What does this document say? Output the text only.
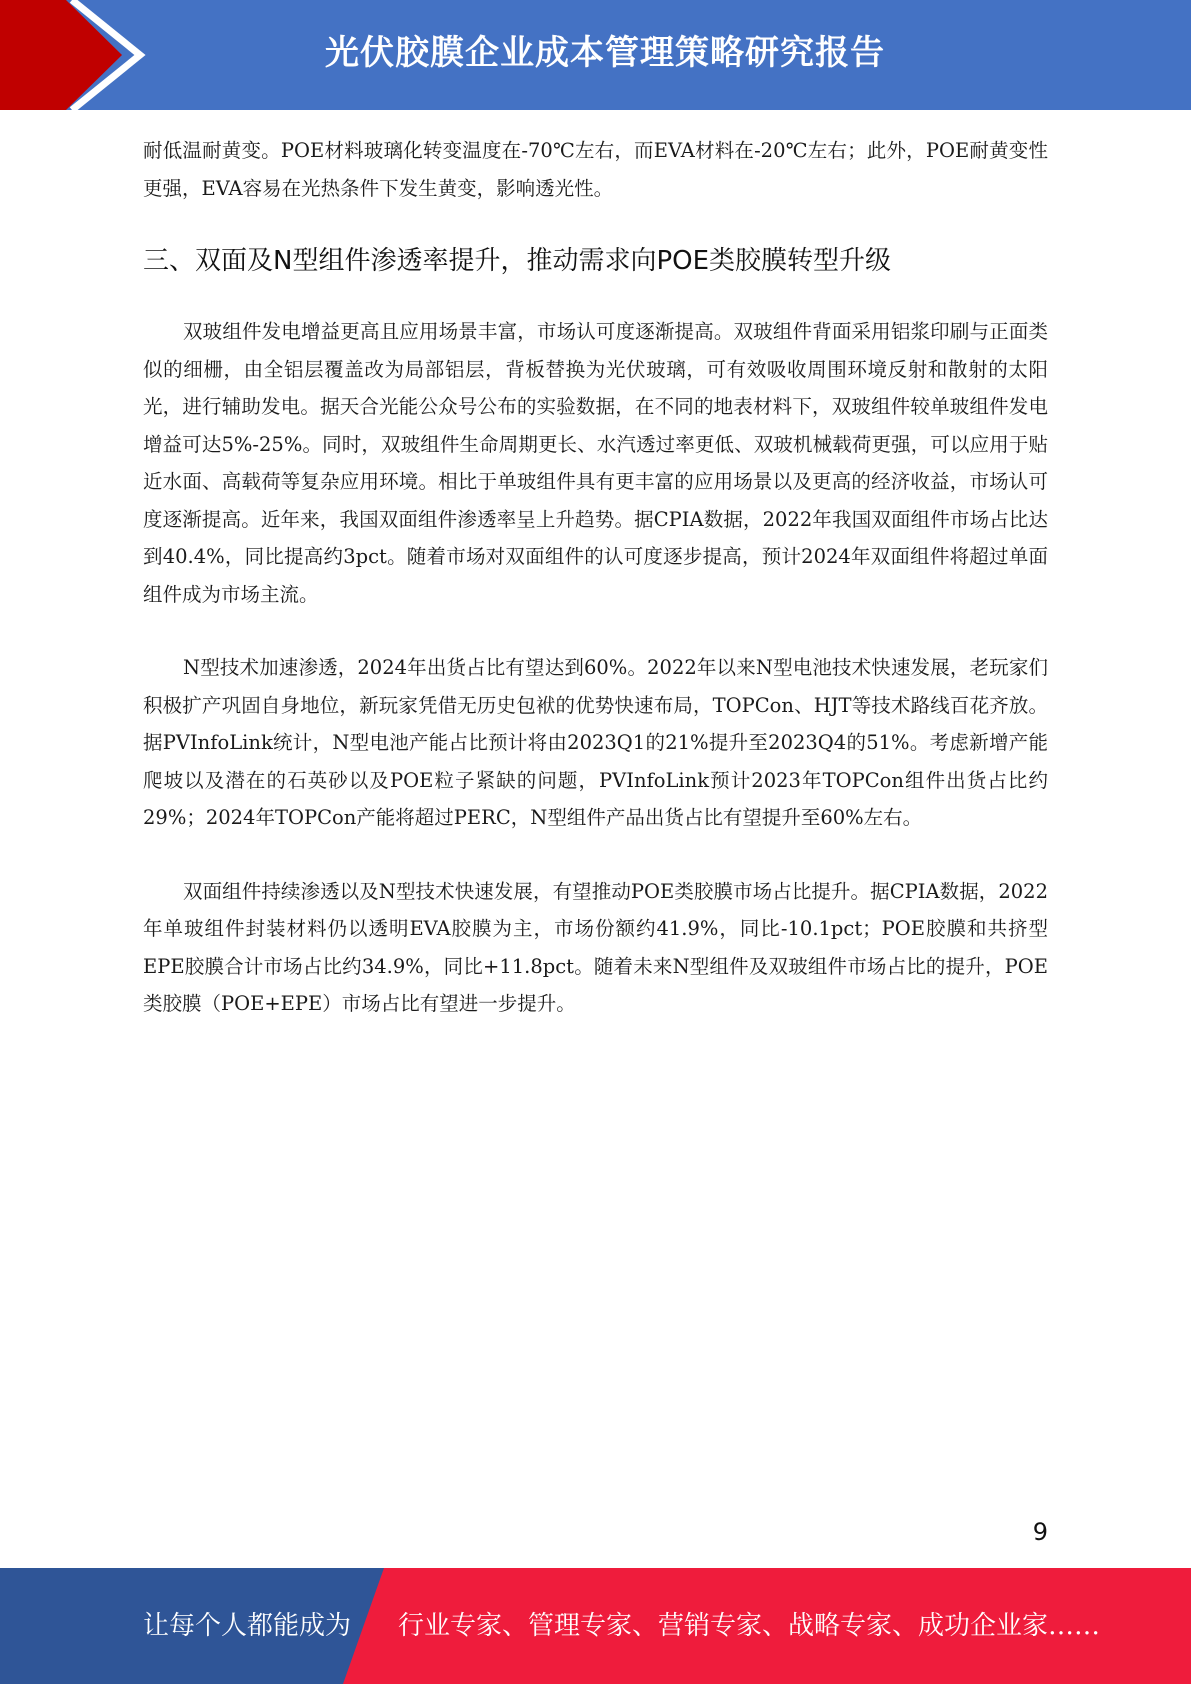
光伏胶膜企业成本管理策略研究报告

耐低温耐黄变。POE材料玻璃化转变温度在-70℃左右，而EVA材料在-20℃左右；此外，POE耐黄变性更强，EVA容易在光热条件下发生黄变，影响透光性。

三、双面及N型组件渗透率提升，推动需求向POE类胶膜转型升级

双玻组件发电增益更高且应用场景丰富，市场认可度逐渐提高。双玻组件背面采用铝浆印刷与正面类似的细栅，由全铝层覆盖改为局部铝层，背板替换为光伏玻璃，可有效吸收周围环境反射和散射的太阳光，进行辅助发电。据天合光能公众号公布的实验数据，在不同的地表材料下，双玻组件较单玻组件发电增益可达5%-25%。同时，双玻组件生命周期更长、水汽透过率更低、双玻机械载荷更强，可以应用于贴近水面、高载荷等复杂应用环境。相比于单玻组件具有更丰富的应用场景以及更高的经济收益，市场认可度逐渐提高。近年来，我国双面组件渗透率呈上升趋势。据CPIA数据，2022年我国双面组件市场占比达到40.4%，同比提高约3pct。随着市场对双面组件的认可度逐步提高，预计2024年双面组件将超过单面组件成为市场主流。

N型技术加速渗透，2024年出货占比有望达到60%。2022年以来N型电池技术快速发展，老玩家们积极扩产巩固自身地位，新玩家凭借无历史包袱的优势快速布局，TOPCon、HJT等技术路线百花齐放。据PVInfoLink统计，N型电池产能占比预计将由2023Q1的21%提升至2023Q4的51%。考虑新增产能爬坡以及潜在的石英砂以及POE粒子紧缺的问题，PVInfoLink预计2023年TOPCon组件出货占比约29%；2024年TOPCon产能将超过PERC，N型组件产品出货占比有望提升至60%左右。

双面组件持续渗透以及N型技术快速发展，有望推动POE类胶膜市场占比提升。据CPIA数据，2022年单玻组件封装材料仍以透明EVA胶膜为主，市场份额约41.9%，同比-10.1pct；POE胶膜和共挤型EPE胶膜合计市场占比约34.9%，同比+11.8pct。随着未来N型组件及双玻组件市场占比的提升，POE类胶膜（POE+EPE）市场占比有望进一步提升。

9
让每个人都能成为 行业专家、管理专家、营销专家、战略专家、成功企业家……
